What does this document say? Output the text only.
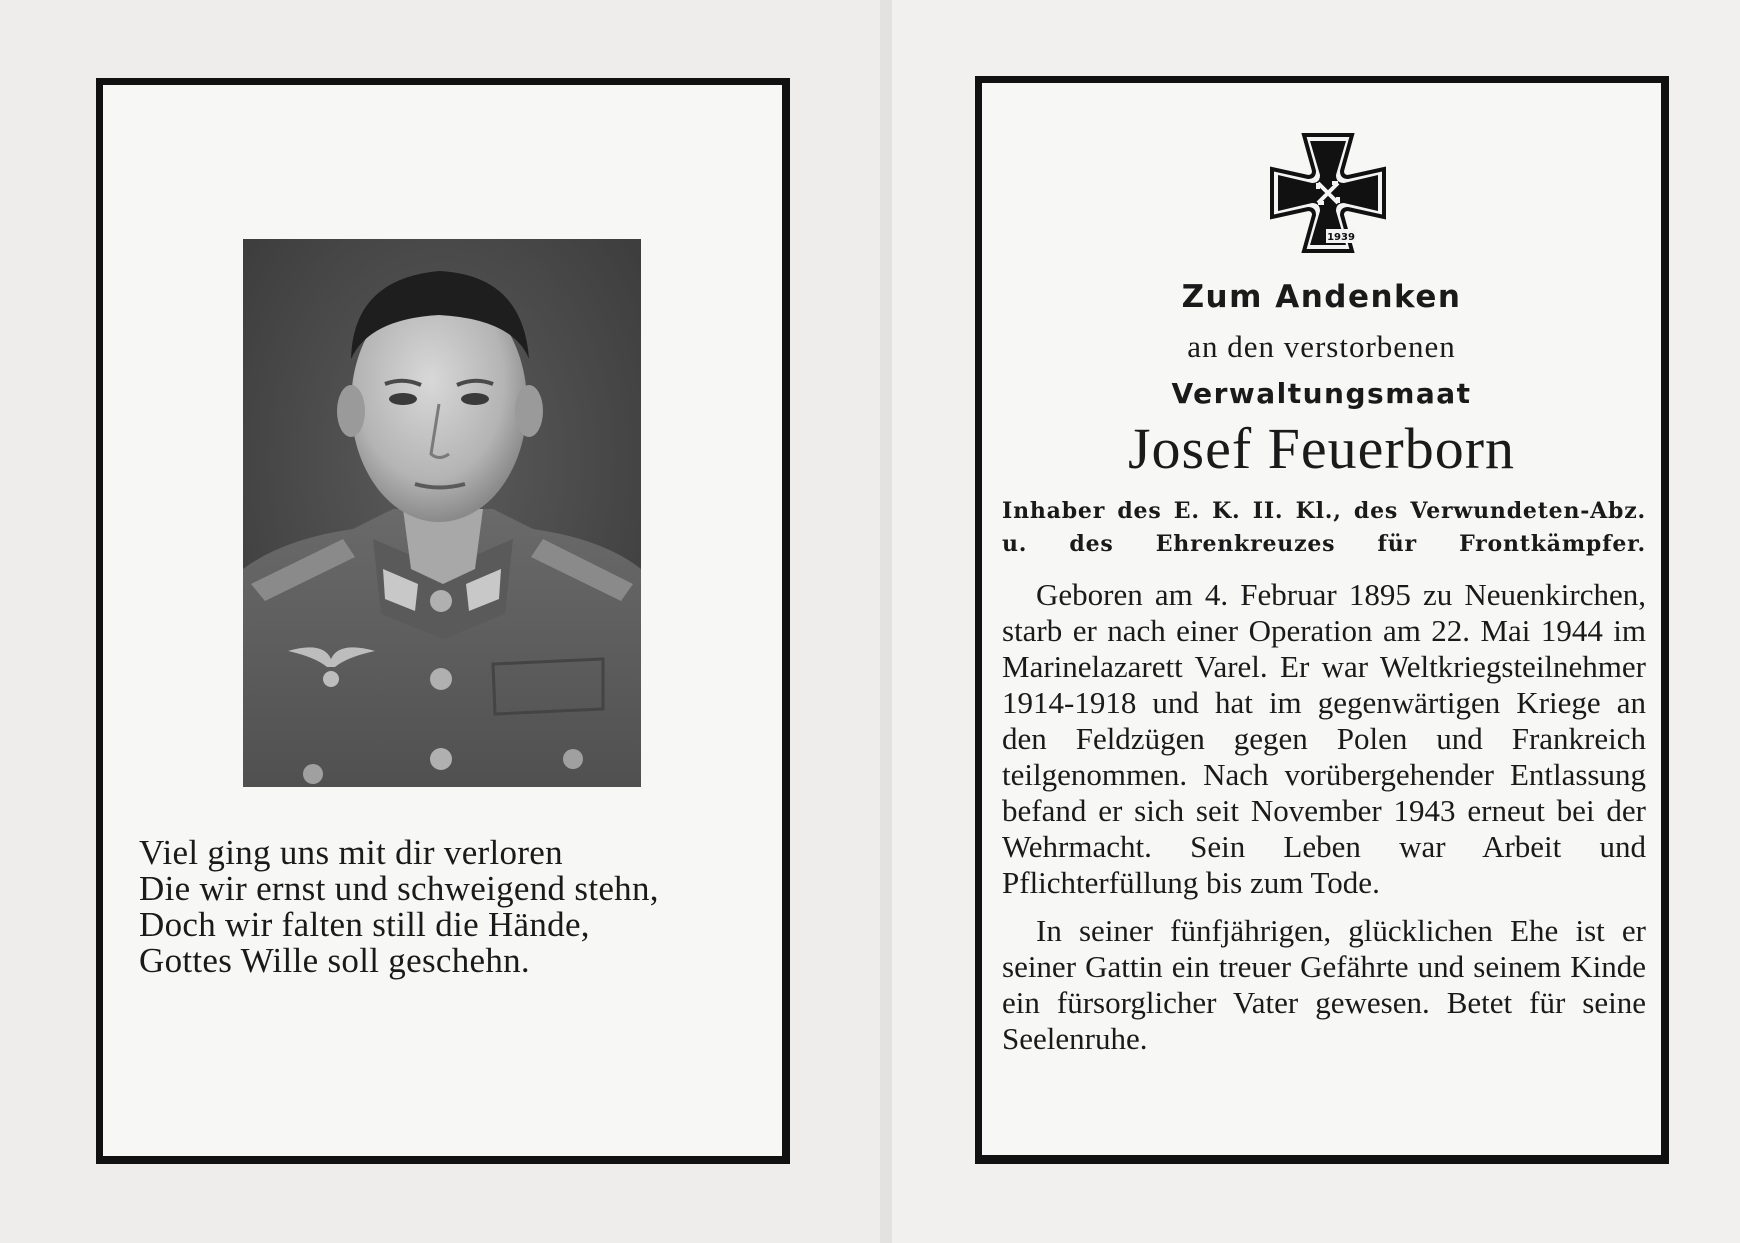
Viel ging uns mit dir verloren
Die wir ernst und schweigend stehn,
Doch wir falten still die Hände,
Gottes Wille soll geschehn.
1939
Zum Andenken
an den verstorbenen
Verwaltungsmaat
Josef Feuerborn
Inhaber des E. K. II. Kl., des Verwundeten-Abz. u. des Ehrenkreuzes für Frontkämpfer.

Geboren am 4. Februar 1895 zu Neuenkirchen, starb er nach einer Operation am 22. Mai 1944 im Marinelazarett Varel. Er war Weltkriegsteilnehmer 1914-1918 und hat im gegenwärtigen Kriege an den Feldzügen gegen Polen und Frankreich teilgenommen. Nach vorübergehender Entlassung befand er sich seit November 1943 erneut bei der Wehrmacht. Sein Leben war Arbeit und Pflichterfüllung bis zum Tode.

In seiner fünfjährigen, glücklichen Ehe ist er seiner Gattin ein treuer Gefährte und seinem Kinde ein fürsorglicher Vater gewesen. Betet für seine Seelenruhe.
